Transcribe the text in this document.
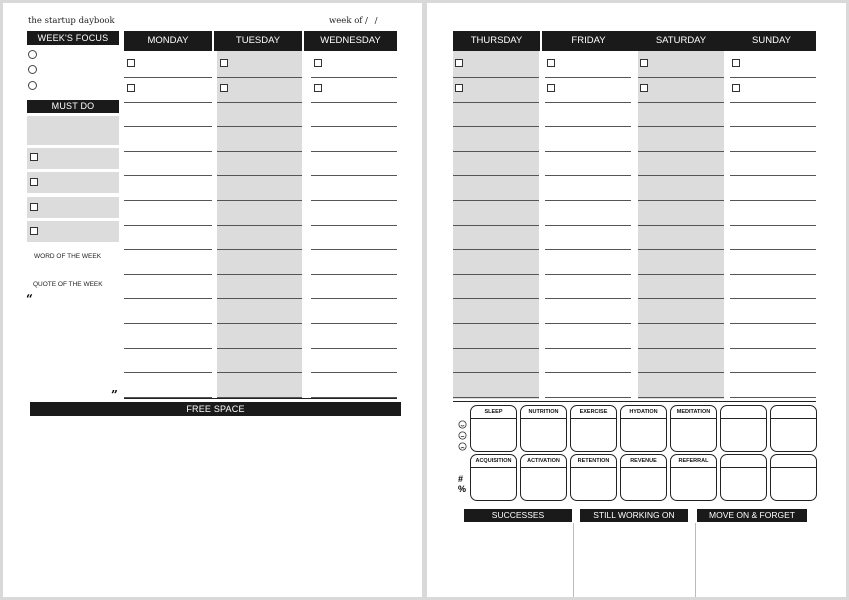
the startup daybook	week of / /
WEEK'S FOCUS
MUST DO
WORD OF THE WEEK
QUOTE OF THE WEEK
“
”
MONDAY	TUESDAY	WEDNESDAY
FREE SPACE
THURSDAY	FRIDAY	SATURDAY	SUNDAY
#
%
SLEEP	NUTRITION	EXERCISE	HYDATION	MEDITATION
ACQUISITION	ACTIVATION	RETENTION	REVENUE	REFERRAL
SUCCESSES	STILL WORKING ON	MOVE ON & FORGET
